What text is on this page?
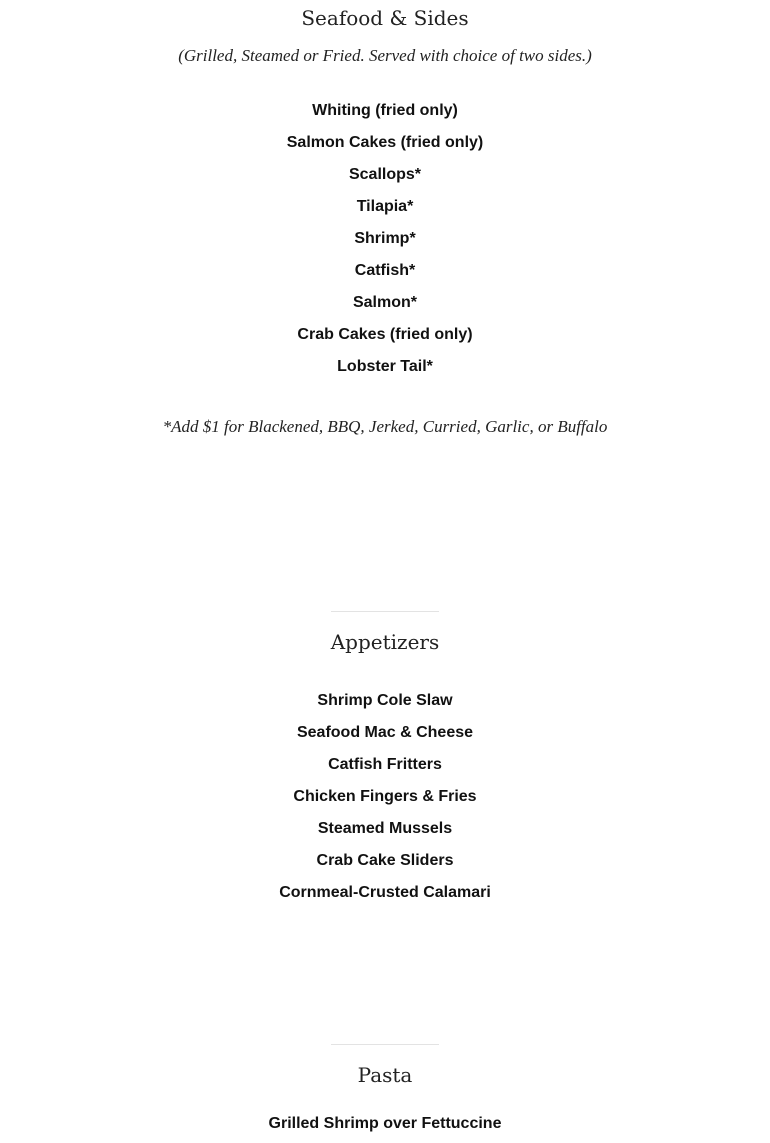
Seafood & Sides
(Grilled, Steamed or Fried. Served with choice of two sides.)
Whiting (fried only)
Salmon Cakes (fried only)
Scallops*
Tilapia*
Shrimp*
Catfish*
Salmon*
Crab Cakes (fried only)
Lobster Tail*
*Add $1 for Blackened, BBQ, Jerked, Curried, Garlic, or Buffalo
Appetizers
Shrimp Cole Slaw
Seafood Mac & Cheese
Catfish Fritters
Chicken Fingers & Fries
Steamed Mussels
Crab Cake Sliders
Cornmeal-Crusted Calamari
Pasta
Grilled Shrimp over Fettuccine
